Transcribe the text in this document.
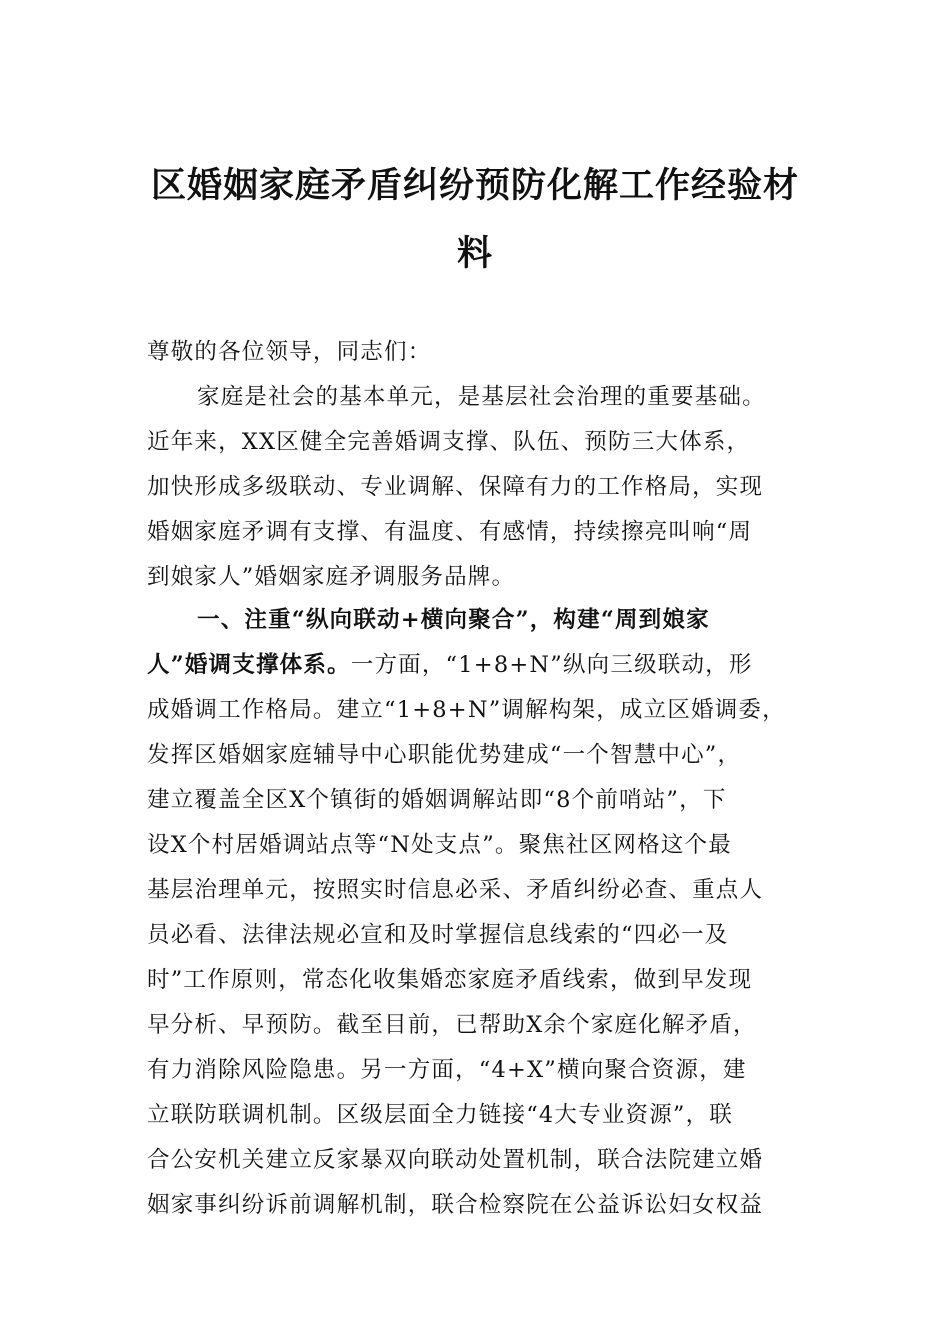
区婚姻家庭矛盾纠纷预防化解工作经验材
料
尊敬的各位领导，同志们：
家庭是社会的基本单元，是基层社会治理的重要基础。
近年来，XX区健全完善婚调支撑、队伍、预防三大体系，
加快形成多级联动、专业调解、保障有力的工作格局，实现
婚姻家庭矛调有支撑、有温度、有感情，持续擦亮叫响“周
到娘家人”婚姻家庭矛调服务品牌。
一、注重“纵向联动+横向聚合”，构建“周到娘家
人”婚调支撑体系。一方面，“1+8+N”纵向三级联动，形
成婚调工作格局。建立“1+8+N”调解构架，成立区婚调委，
发挥区婚姻家庭辅导中心职能优势建成“一个智慧中心”，
建立覆盖全区X个镇街的婚姻调解站即“8个前哨站”，下
设X个村居婚调站点等“N处支点”。聚焦社区网格这个最
基层治理单元，按照实时信息必采、矛盾纠纷必查、重点人
员必看、法律法规必宣和及时掌握信息线索的“四必一及
时”工作原则，常态化收集婚恋家庭矛盾线索，做到早发现
早分析、早预防。截至目前，已帮助X余个家庭化解矛盾，
有力消除风险隐患。另一方面，“4+X”横向聚合资源，建
立联防联调机制。区级层面全力链接“4大专业资源”，联
合公安机关建立反家暴双向联动处置机制，联合法院建立婚
姻家事纠纷诉前调解机制，联合检察院在公益诉讼妇女权益
